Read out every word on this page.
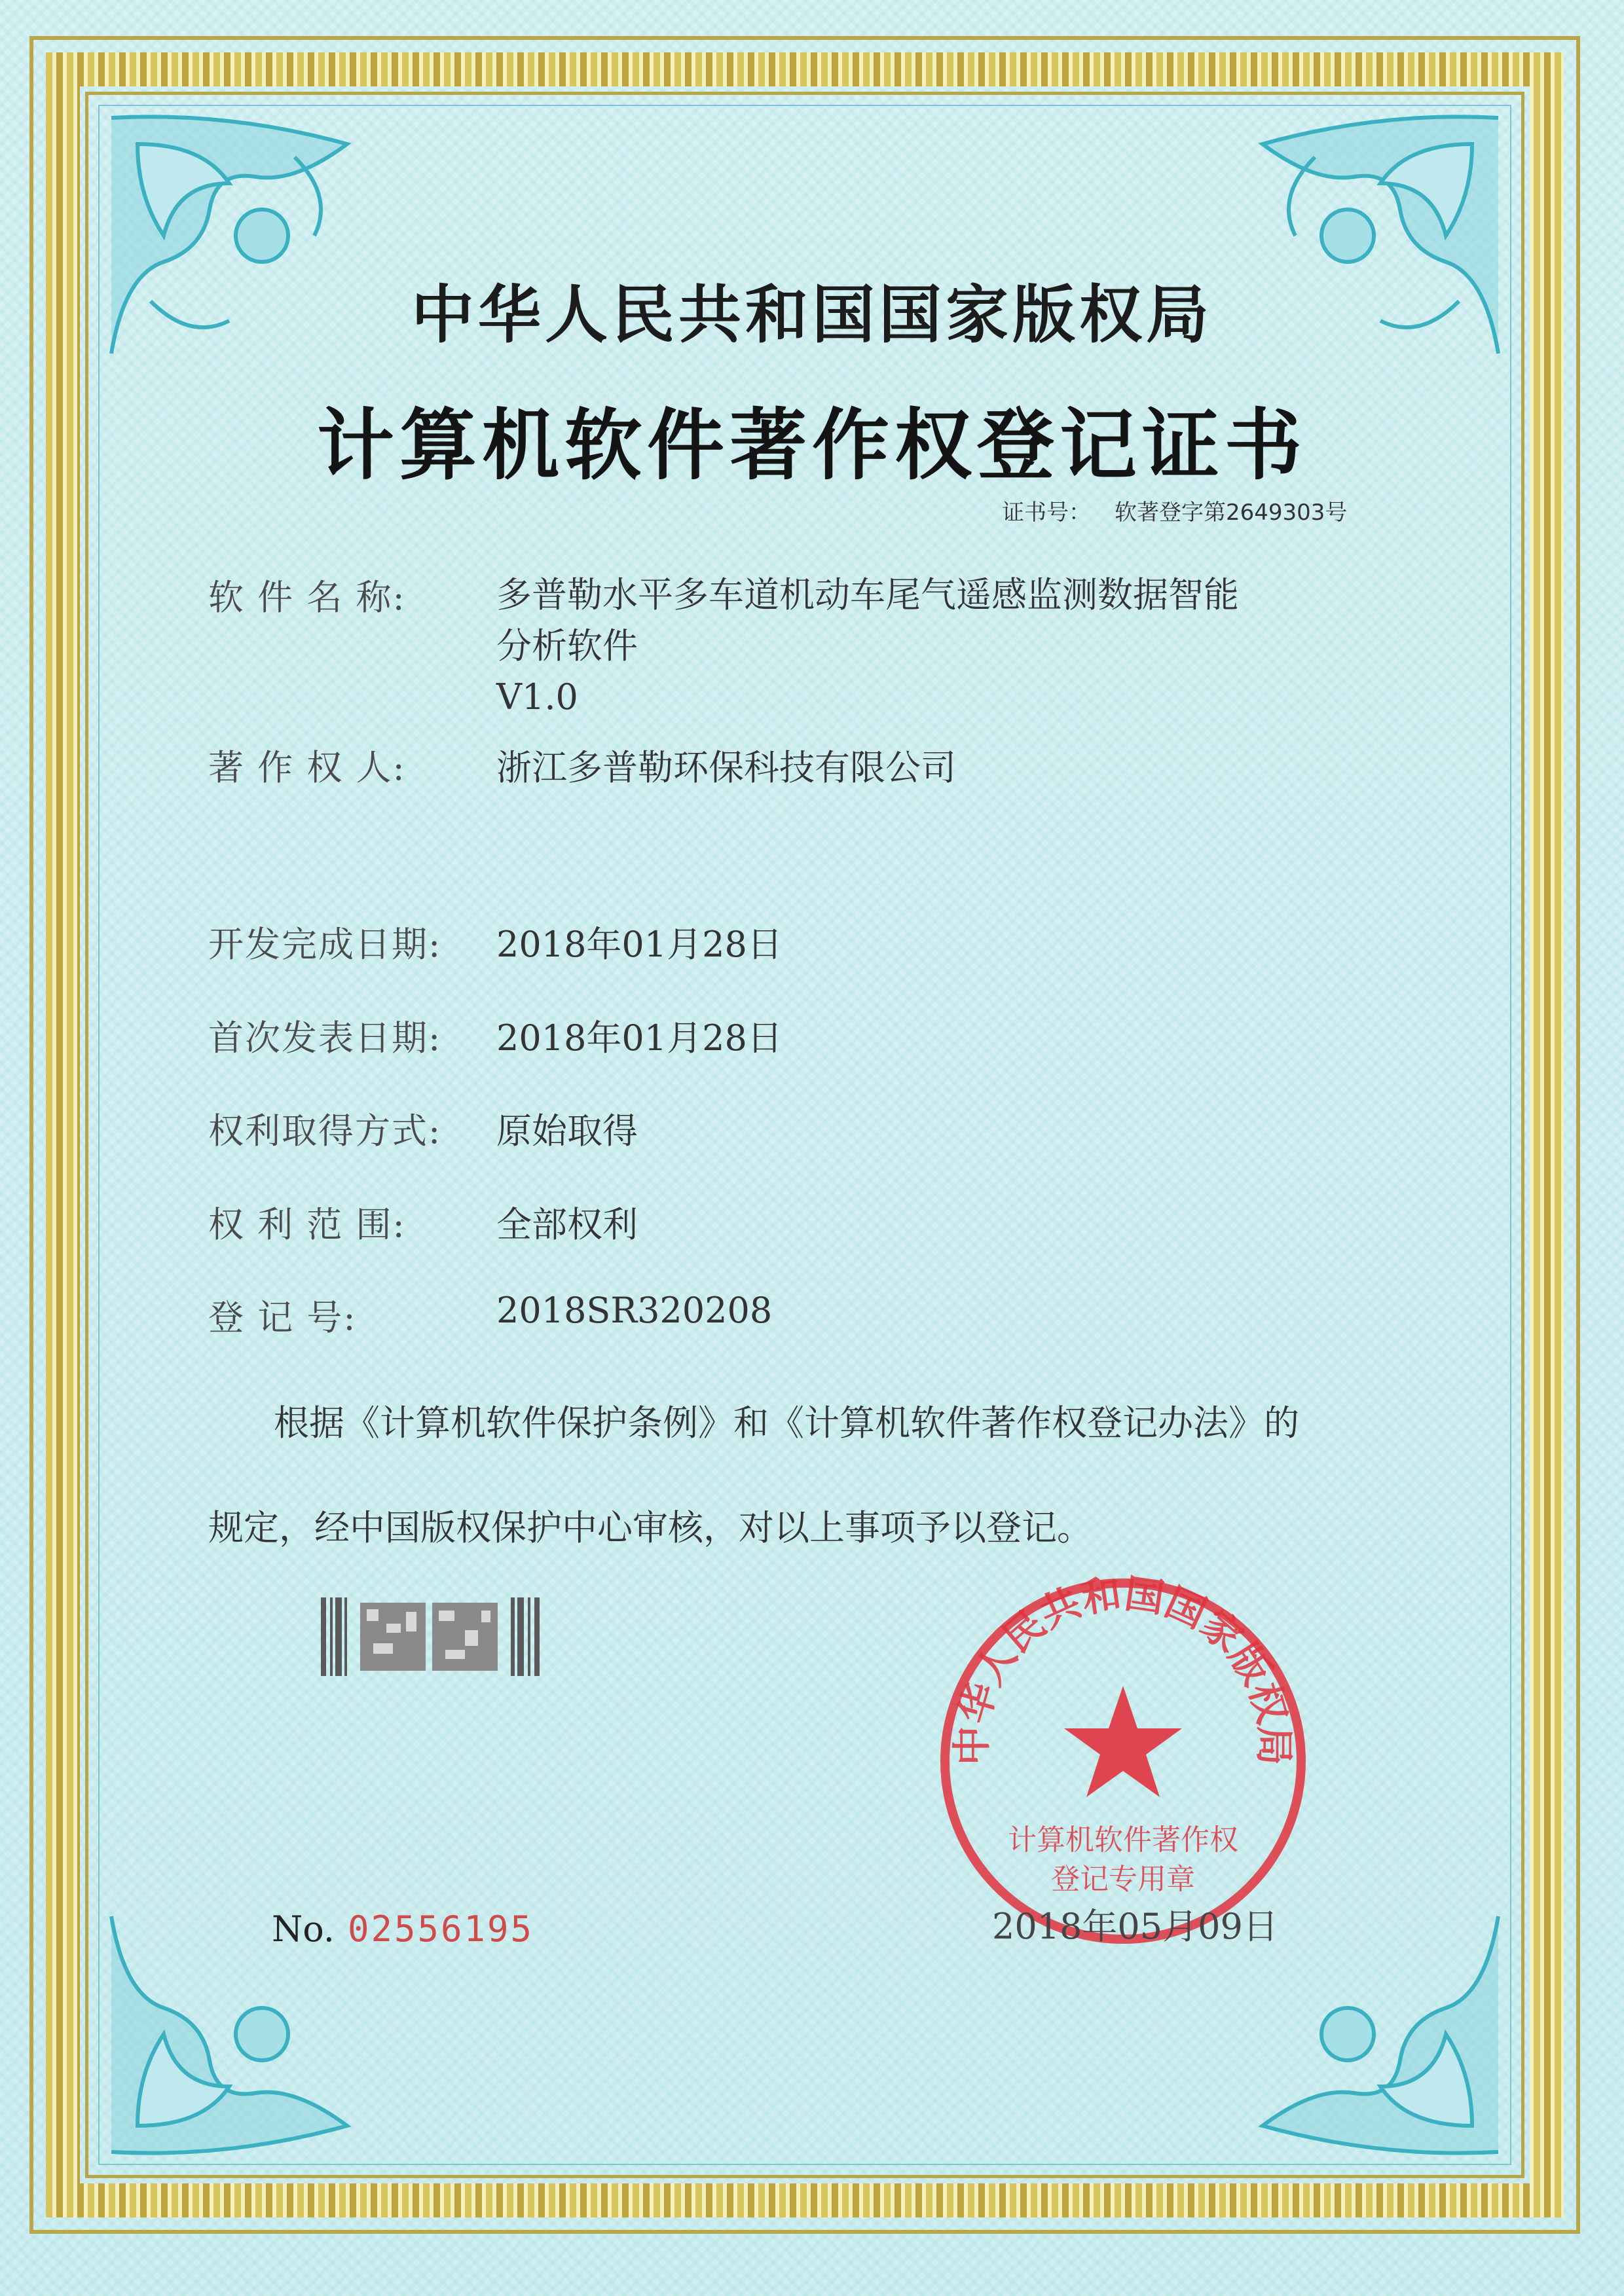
中华人民共和国国家版权局
计算机软件著作权登记证书
证书号： 软著登字第2649303号
软 件 名 称:	多普勒水平多车道机动车尾气遥感监测数据智能
分析软件
V1.0
著 作 权 人:	浙江多普勒环保科技有限公司
开发完成日期: 2018年01月28日
首次发表日期: 2018年01月28日
权利取得方式: 原始取得
权 利 范 围:	全部权利
登 记 号:	2018SR320208
根据《计算机软件保护条例》和《计算机软件著作权登记办法》的
规定，经中国版权保护中心审核，对以上事项予以登记。
No. 02556195
中华人民共和国国家版权局
计算机软件著作权
登记专用章
2018年05月09日
